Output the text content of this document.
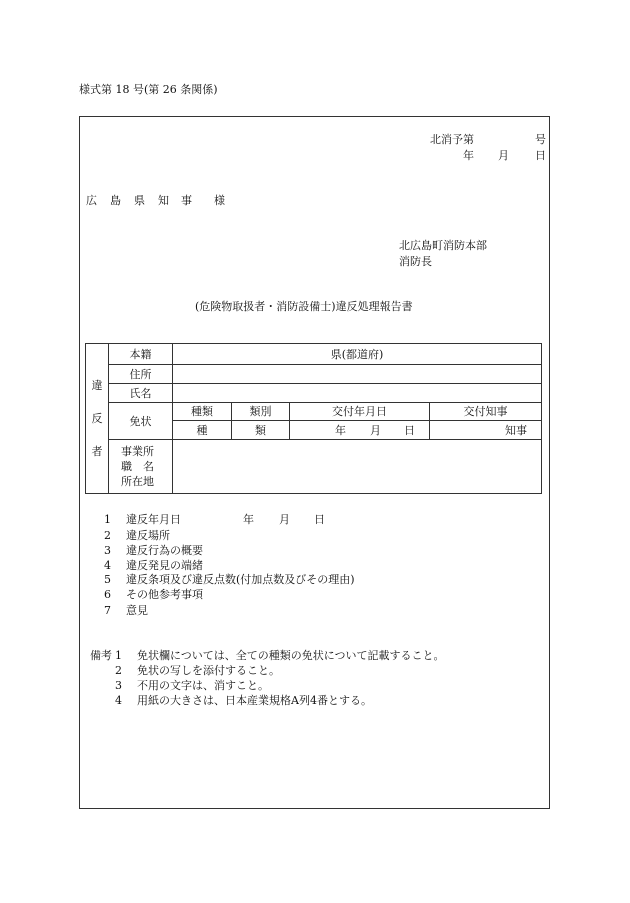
様式第 18 号(第 26 条関係)
北消予第	号
年 月 日
広 島 県 知 事 様
北広島町消防本部
消防長
(危険物取扱者・消防設備士)違反処理報告書
違
反
者	本籍	県(都道府)			
	住所				
	氏名				
	免状	種類	類別	交付年月日	交付知事
		種	類	年 月 日	知事
	事業所
職　名
所在地				
1 違反年月日	年 月 日
2 違反場所
3 違反行為の概要
4 違反発見の端緒
5 違反条項及び違反点数(付加点数及びその理由)
6 その他参考事項
7 意見
備考 1 免状欄については、全ての種類の免状について記載すること。
2 免状の写しを添付すること。
3 不用の文字は、消すこと。
4 用紙の大きさは、日本産業規格A列4番とする。
